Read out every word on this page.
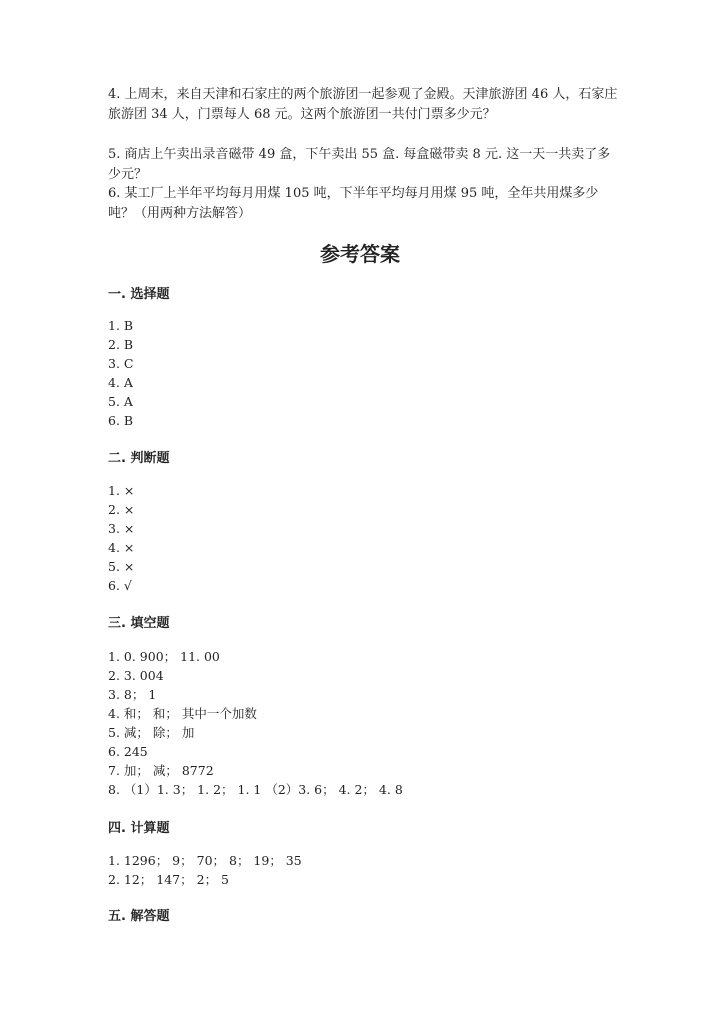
4. 上周末，来自天津和石家庄的两个旅游团一起参观了金殿。天津旅游团 46 人，石家庄旅游团 34 人，门票每人 68 元。这两个旅游团一共付门票多少元？
5. 商店上午卖出录音磁带 49 盒，下午卖出 55 盒. 每盒磁带卖 8 元. 这一天一共卖了多少元？
6. 某工厂上半年平均每月用煤 105 吨，下半年平均每月用煤 95 吨，全年共用煤多少吨？（用两种方法解答）
参考答案
一. 选择题
1. B
2. B
3. C
4. A
5. A
6. B
二. 判断题
1. ×
2. ×
3. ×
4. ×
5. ×
6. √
三. 填空题
1. 0. 900； 11. 00
2. 3. 004
3. 8； 1
4. 和； 和； 其中一个加数
5. 减； 除； 加
6. 245
7. 加； 减； 8772
8. （1）1. 3； 1. 2； 1. 1 （2）3. 6； 4. 2； 4. 8
四. 计算题
1. 1296； 9； 70； 8； 19； 35
2. 12； 147； 2； 5
五. 解答题
